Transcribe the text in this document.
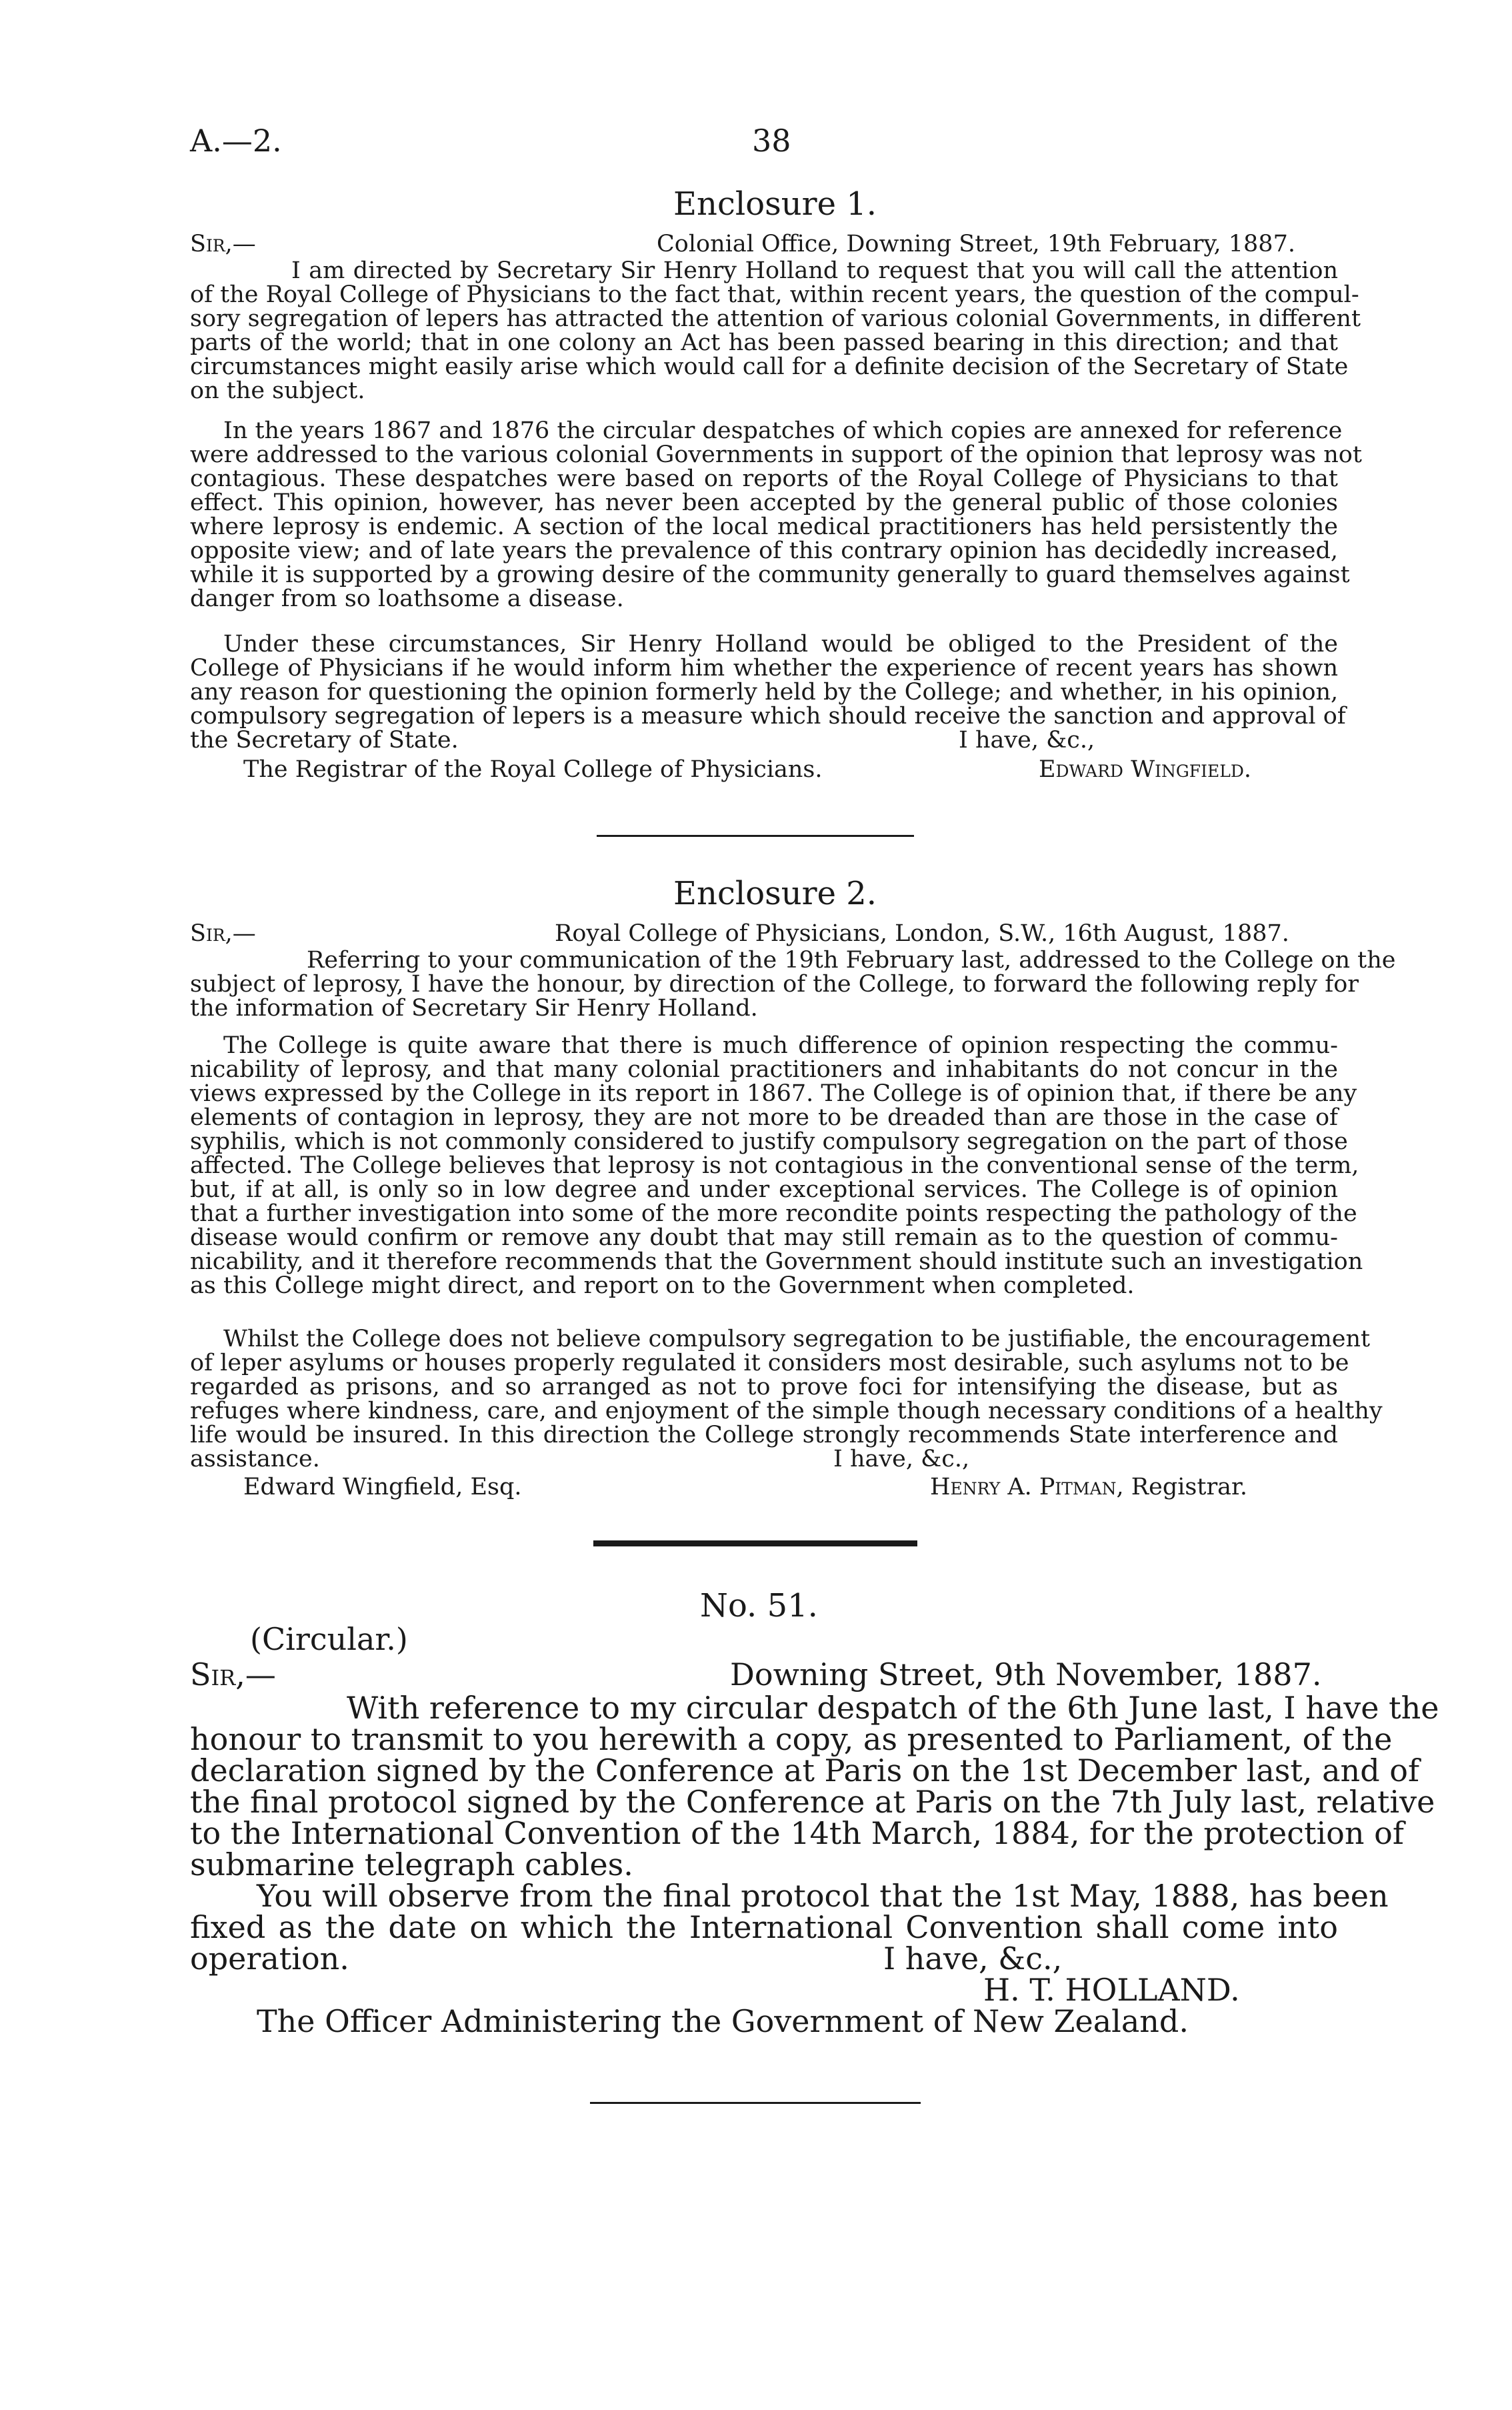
A.—2.	38
Enclosure 1.
Sir,—	Colonial Office, Downing Street, 19th February, 1887.
I am directed by Secretary Sir Henry Holland to request that you will call the attention
of the Royal College of Physicians to the fact that, within recent years, the question of the compul-
sory segregation of lepers has attracted the attention of various colonial Governments, in different
parts of the world; that in one colony an Act has been passed bearing in this direction; and that
circumstances might easily arise which would call for a definite decision of the Secretary of State
on the subject.
In the years 1867 and 1876 the circular despatches of which copies are annexed for reference
were addressed to the various colonial Governments in support of the opinion that leprosy was not
contagious. These despatches were based on reports of the Royal College of Physicians to that
effect. This opinion, however, has never been accepted by the general public of those colonies
where leprosy is endemic. A section of the local medical practitioners has held persistently the
opposite view; and of late years the prevalence of this contrary opinion has decidedly increased,
while it is supported by a growing desire of the community generally to guard themselves against
danger from so loathsome a disease.
Under these circumstances, Sir Henry Holland would be obliged to the President of the
College of Physicians if he would inform him whether the experience of recent years has shown
any reason for questioning the opinion formerly held by the College; and whether, in his opinion,
compulsory segregation of lepers is a measure which should receive the sanction and approval of
the Secretary of State.	I have, &c.,
The Registrar of the Royal College of Physicians.	Edward Wingfield.
Enclosure 2.
Sir,—	Royal College of Physicians, London, S.W., 16th August, 1887.
Referring to your communication of the 19th February last, addressed to the College on the
subject of leprosy, I have the honour, by direction of the College, to forward the following reply for
the information of Secretary Sir Henry Holland.
The College is quite aware that there is much difference of opinion respecting the commu-
nicability of leprosy, and that many colonial practitioners and inhabitants do not concur in the
views expressed by the College in its report in 1867. The College is of opinion that, if there be any
elements of contagion in leprosy, they are not more to be dreaded than are those in the case of
syphilis, which is not commonly considered to justify compulsory segregation on the part of those
affected. The College believes that leprosy is not contagious in the conventional sense of the term,
but, if at all, is only so in low degree and under exceptional services. The College is of opinion
that a further investigation into some of the more recondite points respecting the pathology of the
disease would confirm or remove any doubt that may still remain as to the question of commu-
nicability, and it therefore recommends that the Government should institute such an investigation
as this College might direct, and report on to the Government when completed.
Whilst the College does not believe compulsory segregation to be justifiable, the encouragement
of leper asylums or houses properly regulated it considers most desirable, such asylums not to be
regarded as prisons, and so arranged as not to prove foci for intensifying the disease, but as
refuges where kindness, care, and enjoyment of the simple though necessary conditions of a healthy
life would be insured. In this direction the College strongly recommends State interference and
assistance.	I have, &c.,
Edward Wingfield, Esq.	Henry A. Pitman, Registrar.
No. 51.
(Circular.)
Sir,—	Downing Street, 9th November, 1887.
With reference to my circular despatch of the 6th June last, I have the
honour to transmit to you herewith a copy, as presented to Parliament, of the
declaration signed by the Conference at Paris on the 1st December last, and of
the final protocol signed by the Conference at Paris on the 7th July last, relative
to the International Convention of the 14th March, 1884, for the protection of
submarine telegraph cables.
You will observe from the final protocol that the 1st May, 1888, has been
fixed as the date on which the International Convention shall come into
operation.	I have, &c.,
H. T. HOLLAND.
The Officer Administering the Government of New Zealand.
